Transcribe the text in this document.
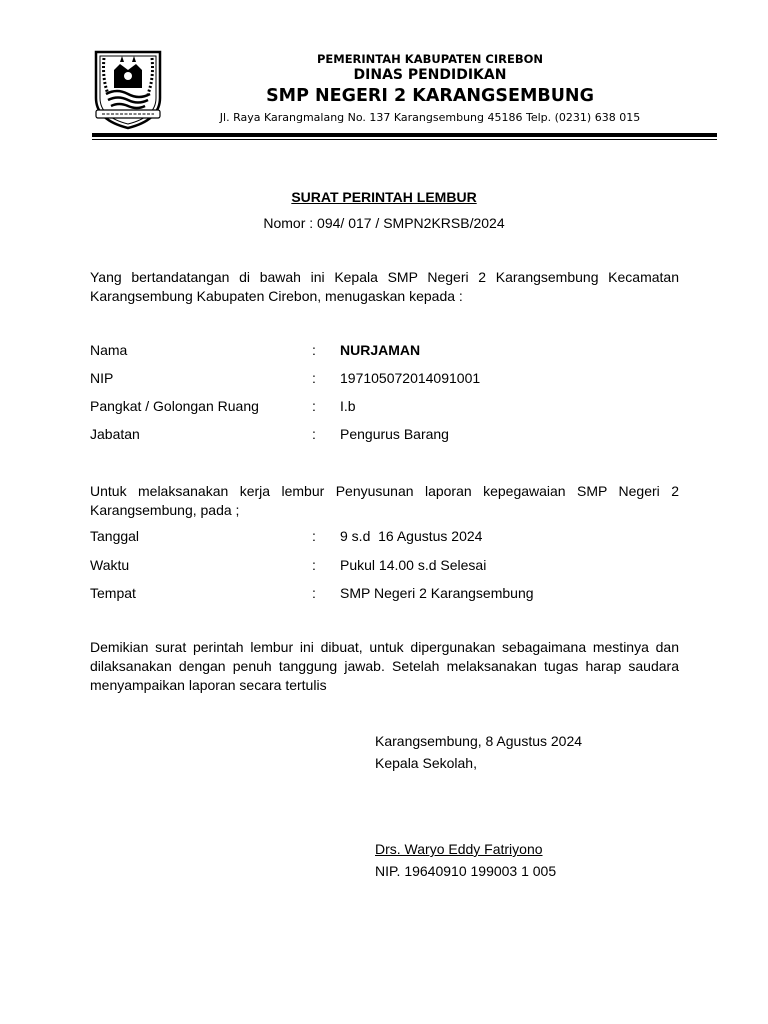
PEMERINTAH KABUPATEN CIREBON
DINAS PENDIDIKAN
SMP NEGERI 2 KARANGSEMBUNG
Jl. Raya Karangmalang No. 137 Karangsembung 45186 Telp. (0231) 638 015
SURAT PERINTAH LEMBUR
Nomor : 094/ 017 / SMPN2KRSB/2024
Yang bertandatangan di bawah ini Kepala SMP Negeri 2 Karangsembung Kecamatan Karangsembung Kabupaten Cirebon, menugaskan kepada :
Nama	: NURJAMAN
NIP	: 197105072014091001
Pangkat / Golongan Ruang	: I.b
Jabatan	: Pengurus Barang
Untuk melaksanakan kerja lembur Penyusunan laporan kepegawaian SMP Negeri 2 Karangsembung, pada ;
Tanggal	: 9 s.d  16 Agustus 2024
Waktu	: Pukul 14.00 s.d Selesai
Tempat	: SMP Negeri 2 Karangsembung
Demikian surat perintah lembur ini dibuat, untuk dipergunakan sebagaimana mestinya dan dilaksanakan dengan penuh tanggung jawab. Setelah melaksanakan tugas harap saudara menyampaikan laporan secara tertulis
Karangsembung, 8 Agustus 2024
Kepala Sekolah,
Drs. Waryo Eddy Fatriyono
NIP. 19640910 199003 1 005
